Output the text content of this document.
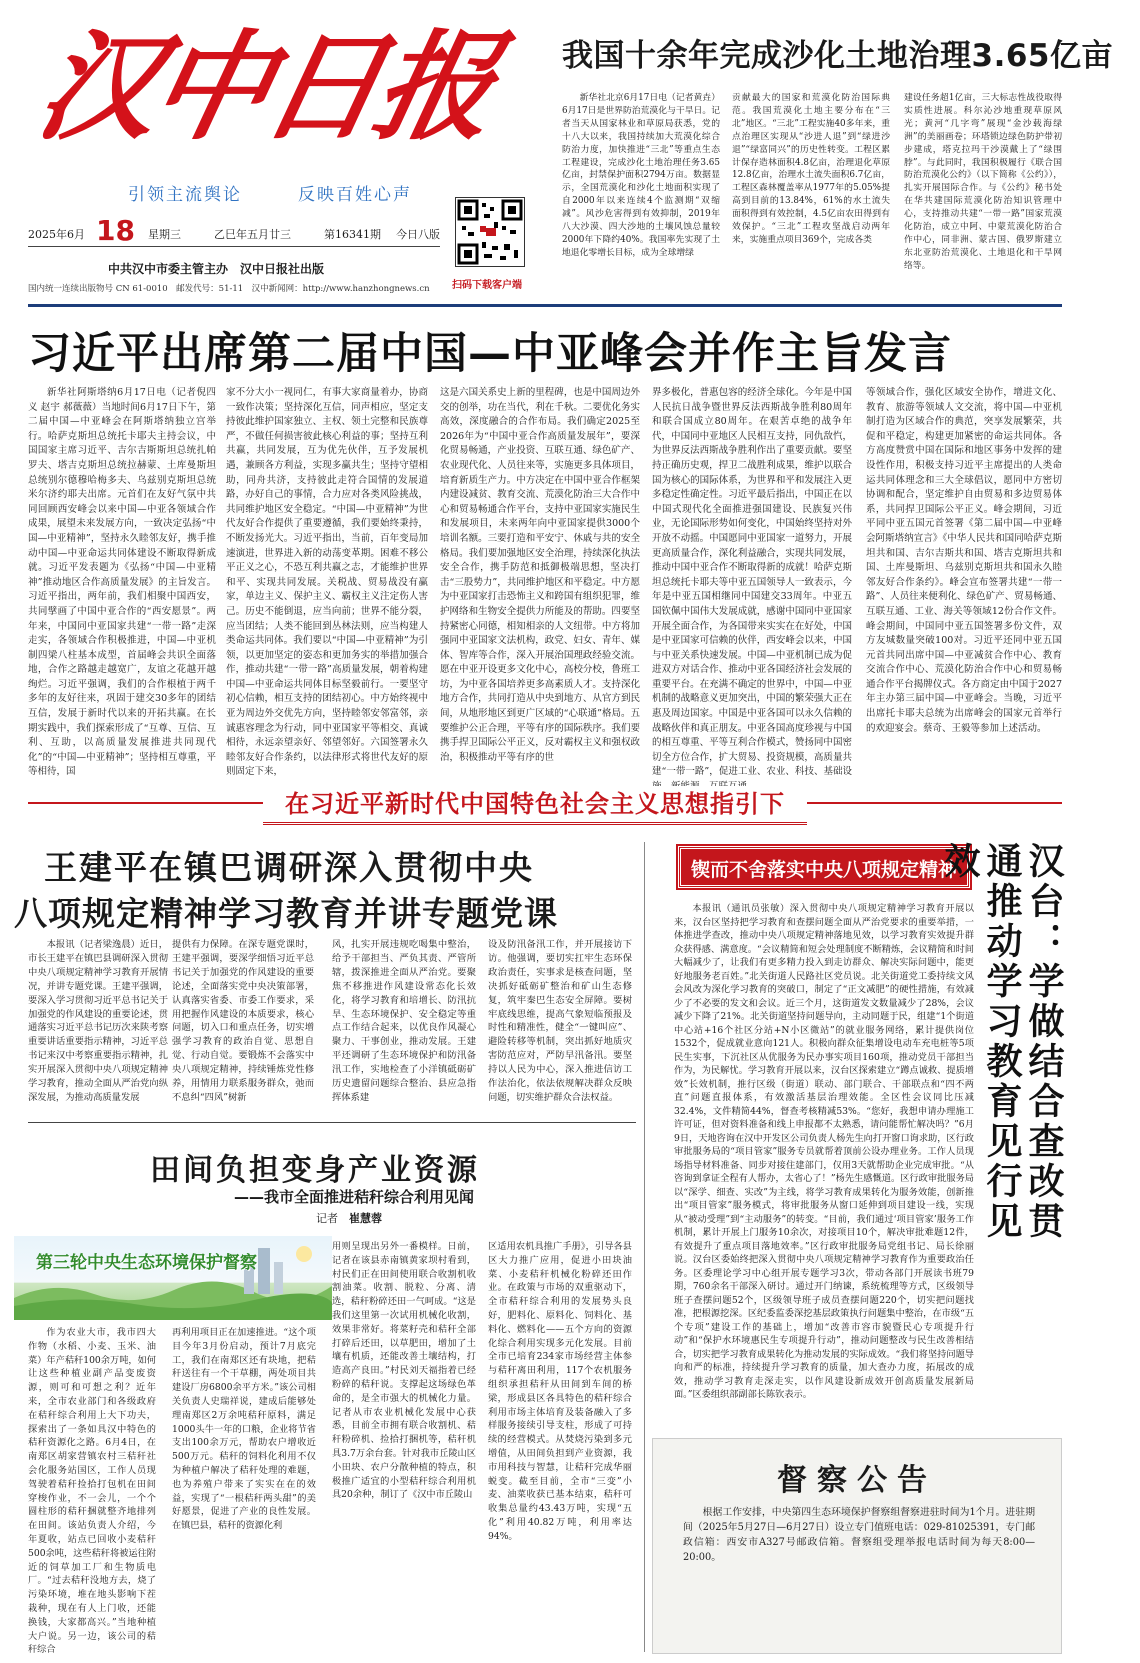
汉中日报
引领主流舆论	反映百姓心声
2025年6月 18 星期三	乙巳年五月廿三	第16341期 今日八版
中共汉中市委主管主办　汉中日报社出版
国内统一连续出版物号 CN 61-0010　邮发代号：51-11　汉中新闻网：http://www.hanzhongnews.cn 扫码下载客户端
我国十余年完成沙化土地治理3.65亿亩

新华社北京6月17日电（记者黄垚）6月17日是世界防治荒漠化与干旱日。记者当天从国家林业和草原局获悉，党的十八大以来，我国持续加大荒漠化综合防治力度，加快推进“三北”等重点生态工程建设，完成沙化土地治理任务3.65亿亩，封禁保护面积2794万亩。数据显示，全国荒漠化和沙化土地面积实现了自2000年以来连续4个监测期“双缩减”。风沙危害得到有效抑制，2019年八大沙漠、四大沙地的土壤风蚀总量较2000年下降约40%。我国率先实现了土地退化零增长目标，成为全球增绿

贡献最大的国家和荒漠化防治国际典范。我国荒漠化土地主要分布在“三北”地区。“三北”工程实施40多年来，重点治理区实现从“沙进人退”到“绿进沙退”“绿富同兴”的历史性转变。工程区累计保存造林面积4.8亿亩，治理退化草原12.8亿亩，治理水土流失面积6.7亿亩，工程区森林覆盖率从1977年的5.05%提高到目前的13.84%，61%的水土流失面积得到有效控制，4.5亿亩农田得到有效保护。“三北”工程攻坚战启动两年来，实施重点项目369个，完成各类

建设任务超1亿亩，三大标志性战役取得实质性进展。科尔沁沙地重现草原风光；黄河“几字弯”展现“金沙载海绿洲”的美丽画卷；环塔锁边绿色防护带初步建成，塔克拉玛干沙漠戴上了“绿围脖”。与此同时，我国积极履行《联合国防治荒漠化公约》（以下简称《公约》），扎实开展国际合作。与《公约》秘书处在华共建国际荒漠化防治知识管理中心，支持推动共建“一带一路”国家荒漠化防治，成立中阿、中蒙荒漠化防治合作中心，同非洲、蒙古国、俄罗斯建立东北亚防治荒漠化、土地退化和干旱网络等。

习近平出席第二届中国—中亚峰会并作主旨发言

新华社阿斯塔纳6月17日电（记者倪四义 赵宇 郝薇薇）当地时间6月17日下午，第二届中国—中亚峰会在阿斯塔纳独立宫举行。哈萨克斯坦总统托卡耶夫主持会议，中国国家主席习近平、吉尔吉斯斯坦总统扎帕罗夫、塔吉克斯坦总统拉赫蒙、土库曼斯坦总统别尔德穆哈梅多夫、乌兹别克斯坦总统米尔济约耶夫出席。元首们在友好气氛中共同回顾西安峰会以来中国—中亚各领域合作成果，展望未来发展方向，一致决定弘扬“中国—中亚精神”，坚持永久睦邻友好，携手推动中国—中亚命运共同体建设不断取得新成就。习近平发表题为《弘扬“中国—中亚精神”推动地区合作高质量发展》的主旨发言。习近平指出，两年前，我们相聚中国西安，共同擘画了中国中亚合作的“西安愿景”。两年来，中国同中亚国家共建“一带一路”走深走实，各领域合作积极推进，中国—中亚机制四梁八柱基本成型，首届峰会共识全面落地，合作之路越走越宽广，友谊之花越开越绚烂。习近平强调，我们的合作根植于两千多年的友好往来，巩固于建交30多年的团结互信，发展于新时代以来的开拓共赢。在长期实践中，我们探索形成了“互尊、互信、互利、互助，以高质量发展推进共同现代化”的“中国—中亚精神”；坚持相互尊重，平等相待，国

家不分大小一视同仁，有事大家商量着办，协商一致作决策；坚持深化互信，同声相应，坚定支持彼此维护国家独立、主权、领土完整和民族尊严，不做任何损害彼此核心利益的事；坚持互利共赢，共同发展，互为优先伙伴，互予发展机遇，兼顾各方利益，实现多赢共生；坚持守望相助，同舟共济，支持彼此走符合国情的发展道路，办好自己的事情，合力应对各类风险挑战，共同维护地区安全稳定。“中国—中亚精神”为世代友好合作提供了重要遵循，我们要始终秉持，不断发扬光大。习近平指出，当前，百年变局加速演进，世界进入新的动荡变革期。困难不移公平正义之心，不恐互利共赢之志，才能维护世界和平、实现共同发展。关税战、贸易战没有赢家，单边主义、保护主义、霸权主义注定伤人害己。历史不能倒退，应当向前；世界不能分裂，应当团结；人类不能回到丛林法则，应当构建人类命运共同体。我们要以“中国—中亚精神”为引领，以更加坚定的姿态和更加务实的举措加强合作，推动共建“一带一路”高质量发展，朝着构建中国—中亚命运共同体目标坚毅前行。一要坚守初心信赖，相互支持的团结初心。中方始终视中亚为周边外交优先方向，坚持睦邻安邻富邻，亲诚惠容理念为行动，同中亚国家平等相交、真诚相待，永远亲望亲好、邻望邻好。六国签署永久睦邻友好合作条约，以法律形式将世代友好的原则固定下来，

这是六国关系史上新的里程碑，也是中国周边外交的创举，功在当代，利在千秋。二要优化务实高效，深度融合的合作布局。我们确定2025至2026年为“中国中亚合作高质量发展年”，要深化贸易畅通，产业投资、互联互通、绿色矿产、农业现代化、人员往来等，实施更多具体项目，培育新质生产力。中方决定在中国中亚合作框架内建设减贫、教育交流、荒漠化防治三大合作中心和贸易畅通合作平台，支持中亚国家实施民生和发展项目，未来两年向中亚国家提供3000个培训名额。三要打造和平安宁、休戚与共的安全格局。我们要加强地区安全治理，持续深化执法安全合作，携手防范和抵御极端思想，坚决打击“三股势力”，共同维护地区和平稳定。中方愿为中亚国家打击恐怖主义和跨国有组织犯罪，维护网络和生物安全提供力所能及的帮助。四要坚持紧密心同德，相知相亲的人文纽带。中方将加强同中亚国家文法机构，政党、妇女、青年、媒体、智库等合作，深入开展治国理政经验交流。愿在中亚开设更多文化中心，高校分校，鲁班工坊，为中亚各国培养更多高素质人才。支持深化地方合作，共同打造从中央到地方、从官方到民间，从地形地区到更广区域的“心联通”格局。五要维护公正合理，平等有序的国际秩序。我们要携手捍卫国际公平正义，反对霸权主义和强权政治，积极推动平等有序的世

界多极化，普惠包容的经济全球化。今年是中国人民抗日战争暨世界反法西斯战争胜利80周年和联合国成立80周年。在艰苦卓绝的战争年代，中国同中亚地区人民相互支持，同仇敌忾，为世界反法西斯战争胜利作出了重要贡献。要坚持正确历史观，捍卫二战胜利成果，维护以联合国为核心的国际体系，为世界和平和发展注入更多稳定性确定性。习近平最后指出，中国正在以中国式现代化全面推进强国建设、民族复兴伟业，无论国际形势如何变化，中国始终坚持对外开放不动摇。中国愿同中亚国家一道努力，开展更高质量合作，深化利益融合，实现共同发展，推动中国中亚合作不断取得新的成就！哈萨克斯坦总统托卡耶夫等中亚五国领导人一致表示，今年是中亚五国相继同中国建交33周年。中亚五国钦佩中国伟大发展成就，感谢中国同中亚国家开展全面合作，为各国带来实实在在好处，中国是中亚国家可信赖的伙伴，西安峰会以来，中国与中亚关系快速发展。中国—中亚机制已成为促进双方对话合作、推动中亚各国经济社会发展的重要平台。在充满不确定的世界中，中国—中亚机制的战略意义更加突出，中国的繁荣强大正在惠及周边国家。中国是中亚各国可以永久信赖的战略伙伴和真正朋友。中亚各国高度珍视与中国的相互尊重、平等互利合作模式，赞扬同中国密切全方位合作，扩大贸易、投资规模，高质量共建“一带一路”，促进工业、农业、科技、基础设

等领域合作，强化区域安全协作，增进文化、教育、旅游等领域人文交流，将中国—中亚机制打造为区域合作的典范，突享发展繁荣，共促和平稳定，构建更加紧密的命运共同体。各方高度赞赏中国在国际和地区事务中发挥的建设性作用，积极支持习近平主席提出的人类命运共同体理念和三大全球倡议，愿同中方密切协调和配合，坚定维护自由贸易和多边贸易体系，共同捍卫国际公平正义。峰会期间，习近平同中亚五国元首签署《第二届中国—中亚峰会阿斯塔纳宣言》《中华人民共和国同哈萨克斯坦共和国、吉尔吉斯共和国、塔吉克斯坦共和国、土库曼斯坦、乌兹别克斯坦共和国永久睦邻友好合作条约》。峰会宣布签署共建“一带一路”、人员往来便利化、绿色矿产、贸易畅通、互联互通、工业、海关等领域12份合作文件。峰会期间，中国同中亚五国签署多份文件，双方友城数量突破100对。习近平还同中亚五国元首共同出席中国—中亚减贫合作中心、教育交流合作中心、荒漠化防治合作中心和贸易畅通合作平台揭牌仪式。各方商定由中国于2027年主办第三届中国—中亚峰会。当晚，习近平出席托卡耶夫总统为出席峰会的国家元首举行的欢迎宴会。蔡奇、王毅等参加上述活动。

在习近平新时代中国特色社会主义思想指引下
王建平在镇巴调研深入贯彻中央
八项规定精神学习教育并讲专题党课

本报讯（记者梁逸晨）近日，市长王建平在镇巴县调研深入贯彻中央八项规定精神学习教育开展情况，并讲专题党课。王建平强调，要深入学习贯彻习近平总书记关于加强党的作风建设的重要论述，贯通落实习近平总书记历次来陕考察重要讲话重要指示精神，习近平总书记来汉中考察重要指示精神，扎实开展深入贯彻中央八项规定精神学习教育，推动全面从严治党向纵深发展，为推动高质量发展

提供有力保障。在深专题党课时，王建平强调，要深学细悟习近平总书记关于加强党的作风建设的重要论述，全面落实党中央决策部署，认真落实省委、市委工作要求，采用把握作风建设的本质要求，核心问题，切入口和重点任务，切实增强学习教育的政治自觉、思想自觉、行动自觉。要锻炼不会落实中央八项规定精神，持续锤炼党性修养，用情用力联系服务群众，弛而不息纠“四风”树新

风，扎实开展违规吃喝集中整治，给予干部担当、严负其责、严管所辖，拨深推进全面从严治党。要聚焦不移推进作风建设常态化长效化，将学习教育和培增长、防汛抗旱、生态环境保护、安全稳定等重点工作结合起来，以优良作风凝心聚力、干事创业，推动发展。王建平还调研了生态环境保护和防汛备汛工作，实地检查了小洋镇砥砺矿历史遗留问题综合整治、县应急指挥体系建

设及防汛备汛工作，并开展接访下访。他强调，要切实扛牢生态环保政治责任，实事求是核查问题，坚决抓好砥砺矿整治和矿山生态修复，筑牢秦巴生态安全屏障。要树牢底线思维，提高气象短临预报及时性和精准性，健全“一键叫应”、避险转移等机制，突出抓好地质灾害防范应对，严防早汛备汛。要坚持以人民为中心，深入推进信访工作法治化，依法依规解决群众反映问题，切实维护群众合法权益。

田间负担变身产业资源
——我市全面推进秸秆综合利用见闻
记者　 崔慧蓉
第三轮中央生态环境保护督察

作为农业大市，我市四大作物（水稻、小麦、玉米、油菜）年产秸秆100余万吨，如何让这些种植业副产品变废资源，则可和可想之利？近年来，全市农业部门和各级政府在秸秆综合利用上大下功夫，探索出了一条如具汉中特色的秸秆资源化之路。6月4日，在南郑区胡家营镇农村三秸秆社会化服务站国区，工作人员现驾驶着秸秆捡拾打包机在田间穿梭作业，不一会儿，一个个圆柱形的秸秆捆就整齐地排列在田间。该站负责人介绍，今年夏收，站点已回收小麦秸秆500余吨，这些秸秆将被运往附近的饲草加工厂和生物质电厂。“过去秸秆没地方去，烧了污染环境，堆在地头影响下茬栽种，现在有人上门收，还能换钱，大家都高兴。”当地种植大户说。另一边，该公司的秸秆综合

再利用项目正在加速推进。“这个项目今年3月份启动，预计7月底完工，我们在南郑区还有块地，把秸秆送往有一个干草棚，两处项目共建设厂房6800余平方米。”该公司相关负责人史瑞祥说，建成后能够处理南郑区2万余吨秸秆原料，满足1000头牛一年的口粮，企业将节省支出100余万元，帮助农户增收近500万元。秸秆的饲料化利用不仅为种植户解决了秸秆处理的难题，也为养殖户带来了实实在在的效益，实现了“一根秸秆两头甜”的美好愿景，促进了产业的良性发展。在镇巴县，秸秆的资源化利

用则呈现出另外一番模样。日前，记者在该县赤南镇黄家坝村看到，村民们正在田间使用联合收割机收割油菜。收割、脱粒、分离、清选，秸秆粉碎还田一气呵成。“这是我们这里第一次试用机械化收割，效果非常好。将菜籽壳和秸秆全部打碎后还田，以草肥田，增加了土壤有机质，还能改善土壤结构，打造高产良田。”村民刘天福指着已经粉碎的秸秆说。支撑起这场绿色革命的，是全市强大的机械化力量。记者从市农业机械化发展中心获悉，目前全市拥有联合收割机、秸秆粉碎机、捡拾打捆机等，秸秆机具3.7万余台套。针对我市丘陵山区小田块、农户分散种植的特点，积极推广适宜的小型秸秆综合利用机具20余种，制订了《汉中市丘陵山

区适用农机具推广手册》，引导各县区大力推广应用，促进小田块油菜、小麦秸秆机械化粉碎还田作业。在政策与市场的双重驱动下，全市秸秆综合利用的发展势头良好，肥料化、原料化、饲料化、基料化、燃料化——五个方向的资源化综合利用实现多元化发展。目前全市已培育234家市场经营主体参与秸秆离田利用，117个农机服务组织承担秸秆从田间到车间的桥梁，形成县区各具特色的秸秆综合利用市场主体培育及装备融入了多样服务接续引导支柱，形成了可持续的经营模式。从焚烧污染到多元增值，从田间负担到产业资源，我市用科技与智慧，让秸秆完成华丽蜕变。截至目前，全市“三变”小麦、油菜收获已基本结束，秸秆可收集总量约43.43万吨，实现“五化”利用40.82万吨，利用率达94%。

锲而不舍落实中央八项规定精神	汉台：学做结合查改贯通推动学习教育见行见效

本报讯（通讯员张敏）深入贯彻中央八项规定精神学习教育开展以来，汉台区坚持把学习教育和查摆问题全面从严治党要求的重要举措，一体推进学查改，推动中央八项规定精神落地见效，以学习教育实效提升群众获得感、满意度。“会议精简和短会处理制度不断精炼，会议精简和时间大幅减少了，让我们有更多精力投入到走访群众、解决实际问题中，能更好地服务老百姓。”北关街道人民路社区党员说。北关街道党工委持续文风会风改为深化学习教育的突破口，制定了“正文减肥”的硬性措施，有效减少了不必要的发文和会议。近三个月，这街道发文数量减少了28%，会议减少下降了21%。北关街道坚持问题导向，主动同题于民，组建“1个街道中心站+16个社区分站+N小区微站”的就业服务网络，累计提供岗位1532个，促成就业意向121人。积极向群众征集增设电动车充电桩等5项民生实事，下沉社区从优服务为民办事实项目160项，推动党员干部担当作为，为民解忧。学习教育开展以来，汉台区探索建立“蹲点诚救、提质增效”长效机制，推行区级（街道）联动、部门联合、干部联点和“四不两直”问题直报体系，有效激活基层治理效能。全区性会议同比压减32.4%，文件精简44%，督查考核精减53%。“您好，我想申请办理施工许可证，但对资料准备和线上申报都不太熟悉，请问能帮忙解决吗？”6月9日，天地咨询在汉中开发区公司负责人杨先生向打开窗口询求助，区行政审批服务局的“项目管家”服务专员就帮着顶前公设办理业务。工作人员现场指导材料准备、同步对接住建部门，仅用3天就帮助企业完成审批。“从咨询到拿证全程有人帮办，太省心了！”杨先生感慨道。区行政审批服务局以“深学、细查、实改”为主线，将学习教育成果转化为服务效能，创新推出“项目管家”服务模式，将审批服务从窗口延伸到项目建设一线，实现从“被动受理”到“主动服务”的转变。“目前，我们通过‘项目管家’服务工作机制，累计开展上门服务10余次，对接项目10个，解决审批难题12件，有效提升了重点项目落地效率。”区行政审批服务局党组书记、局长徐丽说。汉台区委始终把深入贯彻中央八项规定精神学习教育作为重要政治任务。区委理论学习中心组开展专题学习3次，带动各部门开展读书班79期，760余名干部深入研讨。通过开门纳谏，系统梳理等方式，区级领导班子查摆问题52个，区级领导班子成员查摆问题220个，切实把问题找准，把根源挖深。区纪委监委深挖基层政策执行问题集中整治，在市级“五个专项”建设工作的基础上，增加“改善市容市貌暨民心专项提升行动”和“保护水环境惠民生专项提升行动”，推动问题整改与民生改善相结合，切实把学习教育成果转化为推动发展的实际成效。“我们将坚持问题导向和严的标准，持续提升学习教育的质量，加大查办力度，拓展改的成效，推动学习教育走深走实，以作风建设新成效开创高质量发展新局面。”区委组织部副部长陈钦表示。

督察公告
根据工作安排，中央第四生态环境保护督察组督察进驻时间为1个月。进驻期间（2025年5月27日—6月27日）设立专门值班电话：029-81025391，专门邮政信箱：西安市A327号邮政信箱。督察组受理举报电话时间为每天8:00—20:00。
